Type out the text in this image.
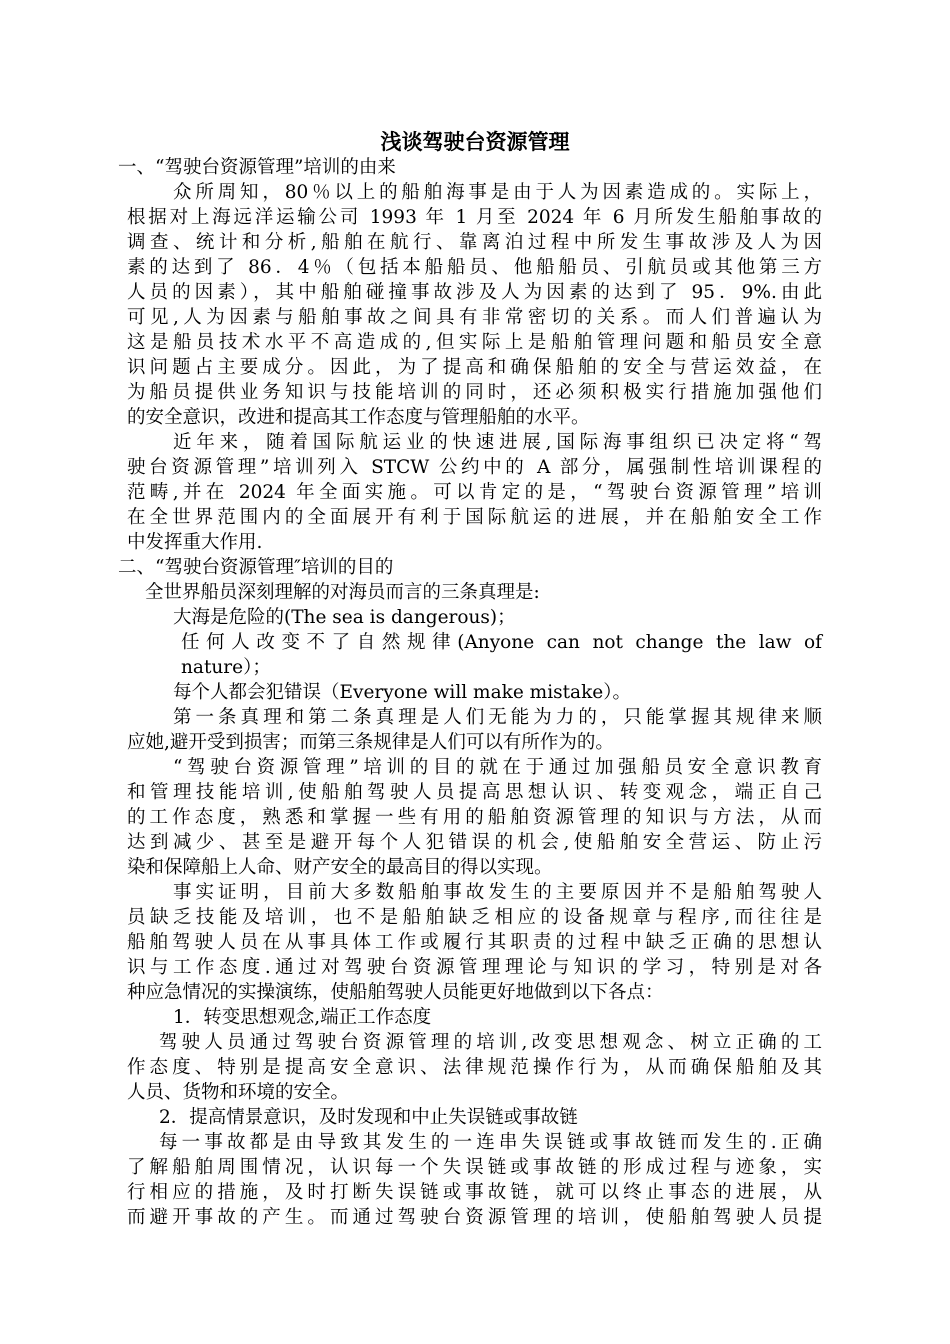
浅谈驾驶台资源管理
一、“驾驶台资源管理”培训的由来
众所周知，80％以上的船舶海事是由于人为因素造成的。实际上，
根据对上海远洋运输公司 1993 年 1 月至 2024 年 6 月所发生船舶事故的
调查、统计和分析,船舶在航行、靠离泊过程中所发生事故涉及人为因
素的达到了 86．4％（包括本船船员、他船船员、引航员或其他第三方
人员的因素），其中船舶碰撞事故涉及人为因素的达到了 95．9%.由此
可见,人为因素与船舶事故之间具有非常密切的关系。而人们普遍认为
这是船员技术水平不高造成的,但实际上是船舶管理问题和船员安全意
识问题占主要成分。因此，为了提高和确保船舶的安全与营运效益，在
为船员提供业务知识与技能培训的同时，还必须积极实行措施加强他们
的安全意识，改进和提高其工作态度与管理船舶的水平。
近年来，随着国际航运业的快速进展,国际海事组织已决定将“驾
驶台资源管理”培训列入 STCW 公约中的 A 部分，属强制性培训课程的
范畴,并在 2024 年全面实施。可以肯定的是，“驾驶台资源管理”培训
在全世界范围内的全面展开有利于国际航运的进展，并在船舶安全工作
中发挥重大作用.
二、“驾驶台资源管理″培训的目的
全世界船员深刻理解的对海员而言的三条真理是:
大海是危险的(The sea is dangerous)；
任何人改变不了自然规律(Anyone can not change the law of
nature）；
每个人都会犯错误（Everyone will make mistake）。
第一条真理和第二条真理是人们无能为力的，只能掌握其规律来顺
应她,避开受到损害；而第三条规律是人们可以有所作为的。
“驾驶台资源管理”培训的目的就在于通过加强船员安全意识教育
和管理技能培训,使船舶驾驶人员提高思想认识、转变观念，端正自己
的工作态度，熟悉和掌握一些有用的船舶资源管理的知识与方法，从而
达到减少、甚至是避开每个人犯错误的机会,使船舶安全营运、防止污
染和保障船上人命、财产安全的最高目的得以实现。
事实证明，目前大多数船舶事故发生的主要原因并不是船舶驾驶人
员缺乏技能及培训，也不是船舶缺乏相应的设备规章与程序,而往往是
船舶驾驶人员在从事具体工作或履行其职责的过程中缺乏正确的思想认
识与工作态度.通过对驾驶台资源管理理论与知识的学习，特别是对各
种应急情况的实操演练，使船舶驾驶人员能更好地做到以下各点：
1．转变思想观念,端正工作态度
驾驶人员通过驾驶台资源管理的培训,改变思想观念、树立正确的工
作态度、特别是提高安全意识、法律规范操作行为，从而确保船舶及其
人员、货物和环境的安全。
2．提高情景意识，及时发现和中止失误链或事故链
每一事故都是由导致其发生的一连串失误链或事故链而发生的.正确
了解船舶周围情况，认识每一个失误链或事故链的形成过程与迹象，实
行相应的措施，及时打断失误链或事故链，就可以终止事态的进展，从
而避开事故的产生。而通过驾驶台资源管理的培训，使船舶驾驶人员提
